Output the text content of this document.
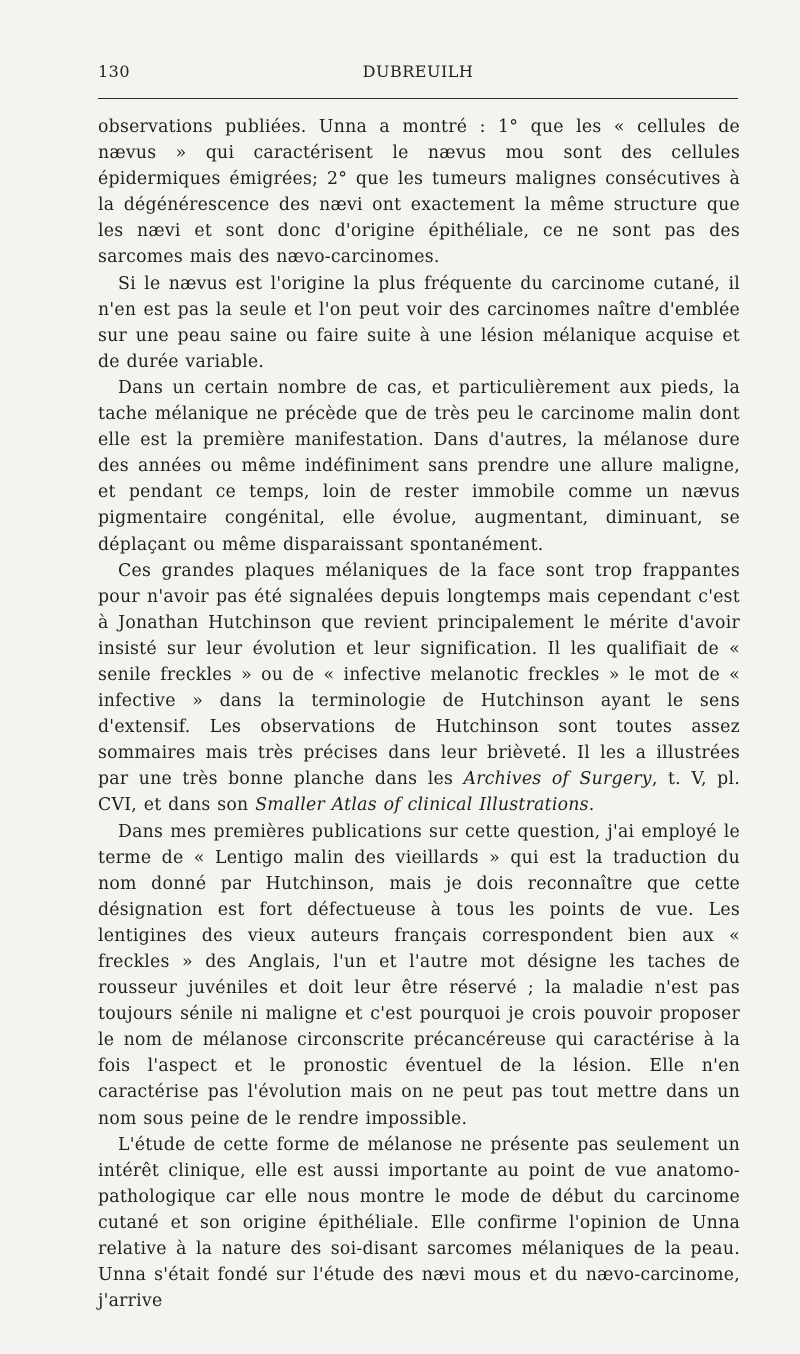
130	DUBREUILH

observations publiées. Unna a montré : 1° que les « cellules de nævus » qui caractérisent le nævus mou sont des cellules épidermiques émigrées; 2° que les tumeurs malignes consécutives à la dégénérescence des nævi ont exactement la même structure que les nævi et sont donc d'origine épithéliale, ce ne sont pas des sarcomes mais des nævo-carcinomes.

Si le nævus est l'origine la plus fréquente du carcinome cutané, il n'en est pas la seule et l'on peut voir des carcinomes naître d'emblée sur une peau saine ou faire suite à une lésion mélanique acquise et de durée variable.

Dans un certain nombre de cas, et particulièrement aux pieds, la tache mélanique ne précède que de très peu le carcinome malin dont elle est la première manifestation. Dans d'autres, la mélanose dure des années ou même indéfiniment sans prendre une allure maligne, et pendant ce temps, loin de rester immobile comme un nævus pigmentaire congénital, elle évolue, augmentant, diminuant, se déplaçant ou même disparaissant spontanément.

Ces grandes plaques mélaniques de la face sont trop frappantes pour n'avoir pas été signalées depuis longtemps mais cependant c'est à Jonathan Hutchinson que revient principalement le mérite d'avoir insisté sur leur évolution et leur signification. Il les qualifiait de « senile freckles » ou de « infective melanotic freckles » le mot de « infective » dans la terminologie de Hutchinson ayant le sens d'extensif. Les observations de Hutchinson sont toutes assez sommaires mais très précises dans leur brièveté. Il les a illustrées par une très bonne planche dans les Archives of Surgery, t. V, pl. CVI, et dans son Smaller Atlas of clinical Illustrations.

Dans mes premières publications sur cette question, j'ai employé le terme de « Lentigo malin des vieillards » qui est la traduction du nom donné par Hutchinson, mais je dois reconnaître que cette désignation est fort défectueuse à tous les points de vue. Les lentigines des vieux auteurs français correspondent bien aux « freckles » des Anglais, l'un et l'autre mot désigne les taches de rousseur juvéniles et doit leur être réservé ; la maladie n'est pas toujours sénile ni maligne et c'est pourquoi je crois pouvoir proposer le nom de mélanose circonscrite précancéreuse qui caractérise à la fois l'aspect et le pronostic éventuel de la lésion. Elle n'en caractérise pas l'évolution mais on ne peut pas tout mettre dans un nom sous peine de le rendre impossible.

L'étude de cette forme de mélanose ne présente pas seulement un intérêt clinique, elle est aussi importante au point de vue anatomo-pathologique car elle nous montre le mode de début du carcinome cutané et son origine épithéliale. Elle confirme l'opinion de Unna relative à la nature des soi-disant sarcomes mélaniques de la peau. Unna s'était fondé sur l'étude des nævi mous et du nævo-carcinome, j'arrive
